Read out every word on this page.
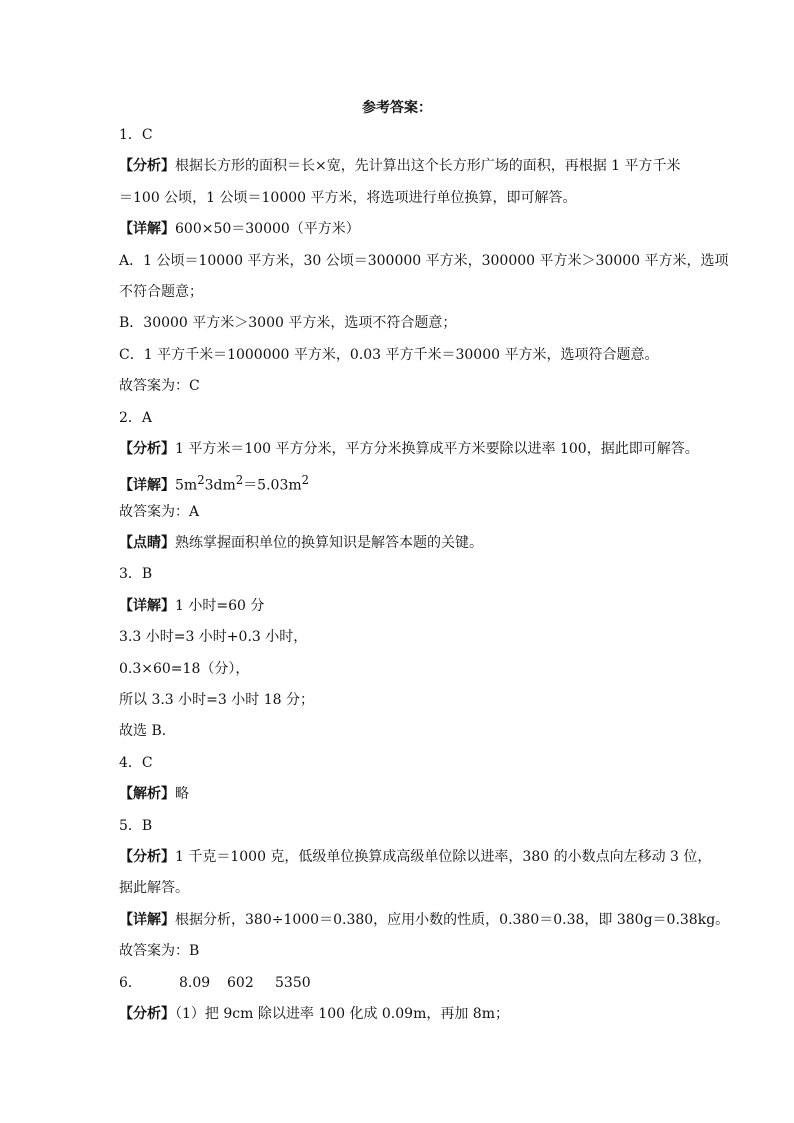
参考答案：
1．C
【分析】根据长方形的面积＝长×宽，先计算出这个长方形广场的面积，再根据 1 平方千米
＝100 公顷，1 公顷＝10000 平方米，将选项进行单位换算，即可解答。
【详解】600×50＝30000（平方米）
A．1 公顷＝10000 平方米，30 公顷＝300000 平方米，300000 平方米＞30000 平方米，选项
不符合题意；
B．30000 平方米＞3000 平方米，选项不符合题意；
C．1 平方千米＝1000000 平方米，0.03 平方千米＝30000 平方米，选项符合题意。
故答案为：C
2．A
【分析】1 平方米＝100 平方分米，平方分米换算成平方米要除以进率 100，据此即可解答。
【详解】$5m^23dm^2=5.03m^2$
故答案为：A
【点睛】熟练掌握面积单位的换算知识是解答本题的关键。
3．B
【详解】1 小时=60 分
3.3 小时=3 小时+0.3 小时，
0.3×60=18（分），
所以 3.3 小时=3 小时 18 分；
故选 B．
4．C
【解析】略
5．B
【分析】1 千克＝1000 克，低级单位换算成高级单位除以进率，380 的小数点向左移动 3 位，
据此解答。
【详解】根据分析，380÷1000＝0.380，应用小数的性质，0.380＝0.38，即 380g＝0.38kg。
故答案为：B
6．	8.09 602 5350
【分析】（1）把 9cm 除以进率 100 化成 0.09m，再加 8m；
